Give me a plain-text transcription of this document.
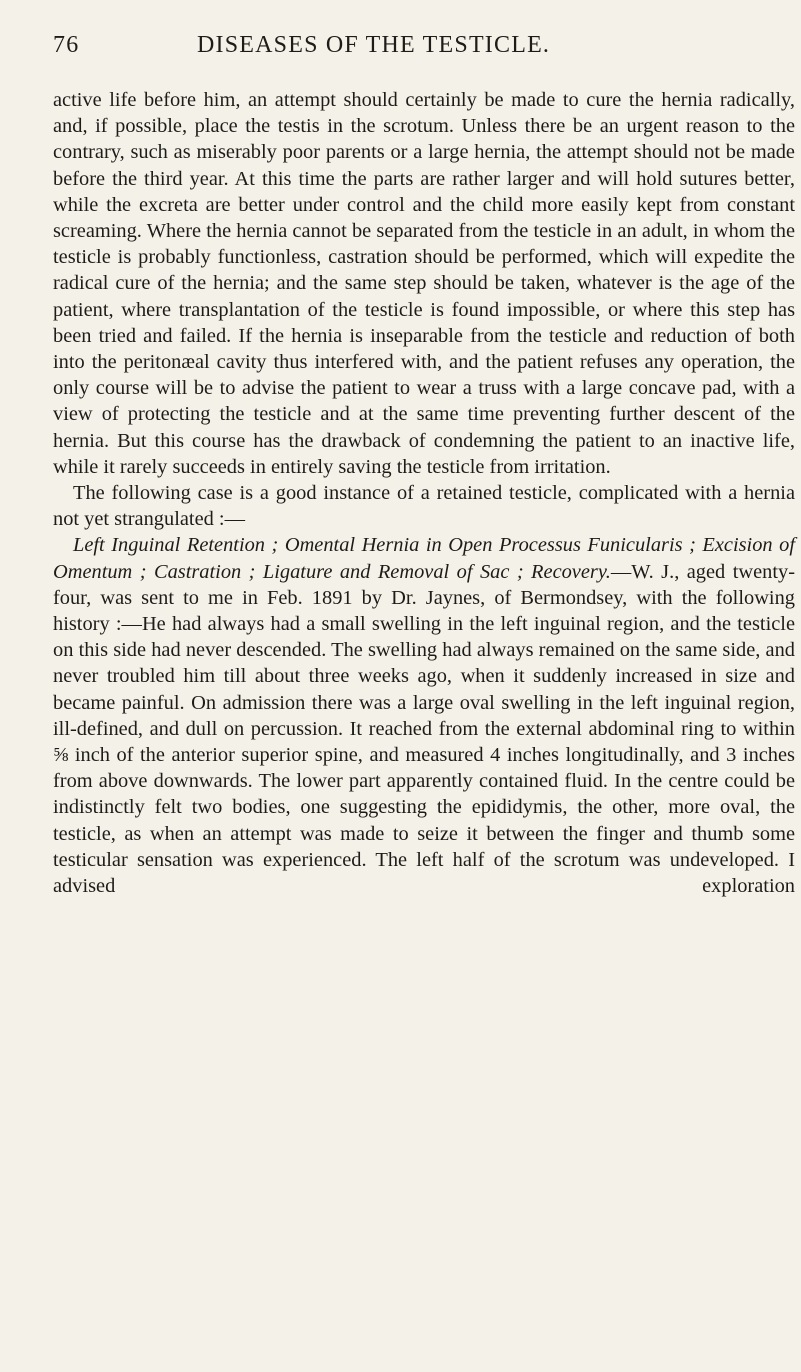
76	DISEASES OF THE TESTICLE.

active life before him, an attempt should certainly be made to cure the hernia radically, and, if possible, place the testis in the scrotum. Unless there be an urgent reason to the contrary, such as miserably poor parents or a large hernia, the attempt should not be made before the third year. At this time the parts are rather larger and will hold sutures better, while the excreta are better under control and the child more easily kept from constant screaming. Where the hernia cannot be separated from the testicle in an adult, in whom the testicle is probably functionless, castration should be performed, which will expedite the radical cure of the hernia; and the same step should be taken, whatever is the age of the patient, where transplantation of the testicle is found impossible, or where this step has been tried and failed. If the hernia is inseparable from the testicle and reduction of both into the peritonæal cavity thus interfered with, and the patient refuses any operation, the only course will be to advise the patient to wear a truss with a large concave pad, with a view of protecting the testicle and at the same time preventing further descent of the hernia. But this course has the drawback of condemning the patient to an inactive life, while it rarely succeeds in entirely saving the testicle from irritation.

The following case is a good instance of a retained testicle, complicated with a hernia not yet strangulated :—

Left Inguinal Retention ; Omental Hernia in Open Processus Funicularis ; Excision of Omentum ; Castration ; Ligature and Removal of Sac ; Recovery.—W. J., aged twenty-four, was sent to me in Feb. 1891 by Dr. Jaynes, of Bermondsey, with the following history :—He had always had a small swelling in the left inguinal region, and the testicle on this side had never descended. The swelling had always remained on the same side, and never troubled him till about three weeks ago, when it suddenly increased in size and became painful. On admission there was a large oval swelling in the left inguinal region, ill-defined, and dull on percussion. It reached from the external abdominal ring to within ⅝ inch of the anterior superior spine, and measured 4 inches longitudinally, and 3 inches from above downwards. The lower part apparently contained fluid. In the centre could be indistinctly felt two bodies, one suggesting the epididymis, the other, more oval, the testicle, as when an attempt was made to seize it between the finger and thumb some testicular sensation was experienced. The left half of the scrotum was undeveloped. I advised exploration
